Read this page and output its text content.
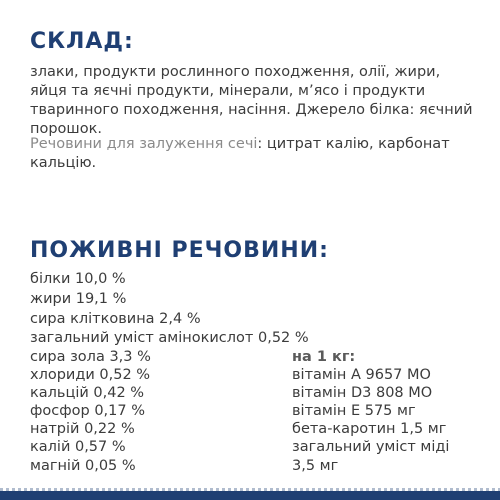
СКЛАД:

злаки, продукти рослинного походження, олії, жири, яйця та яєчні продукти, мінерали, м’ясо і продукти тваринного походження, насіння. Джерело білка: яєчний порошок.

Речовини для залуження сечі: цитрат калію, карбонат кальцію.

ПОЖИВНІ РЕЧОВИНИ:

білки 10,0 %

жири 19,1 %

сира клітковина 2,4 %

загальний уміст амінокислот 0,52 %

сира зола 3,3 %

хлориди 0,52 %

кальцій 0,42 %

фосфор 0,17 %

натрій 0,22 %

калій 0,57 %

магній 0,05 %

на 1 кг:

вітамін А 9657 МО

вітамін D3 808 МО

вітамін Е 575 мг

бета-каротин 1,5 мг

загальний уміст міді

3,5 мг
